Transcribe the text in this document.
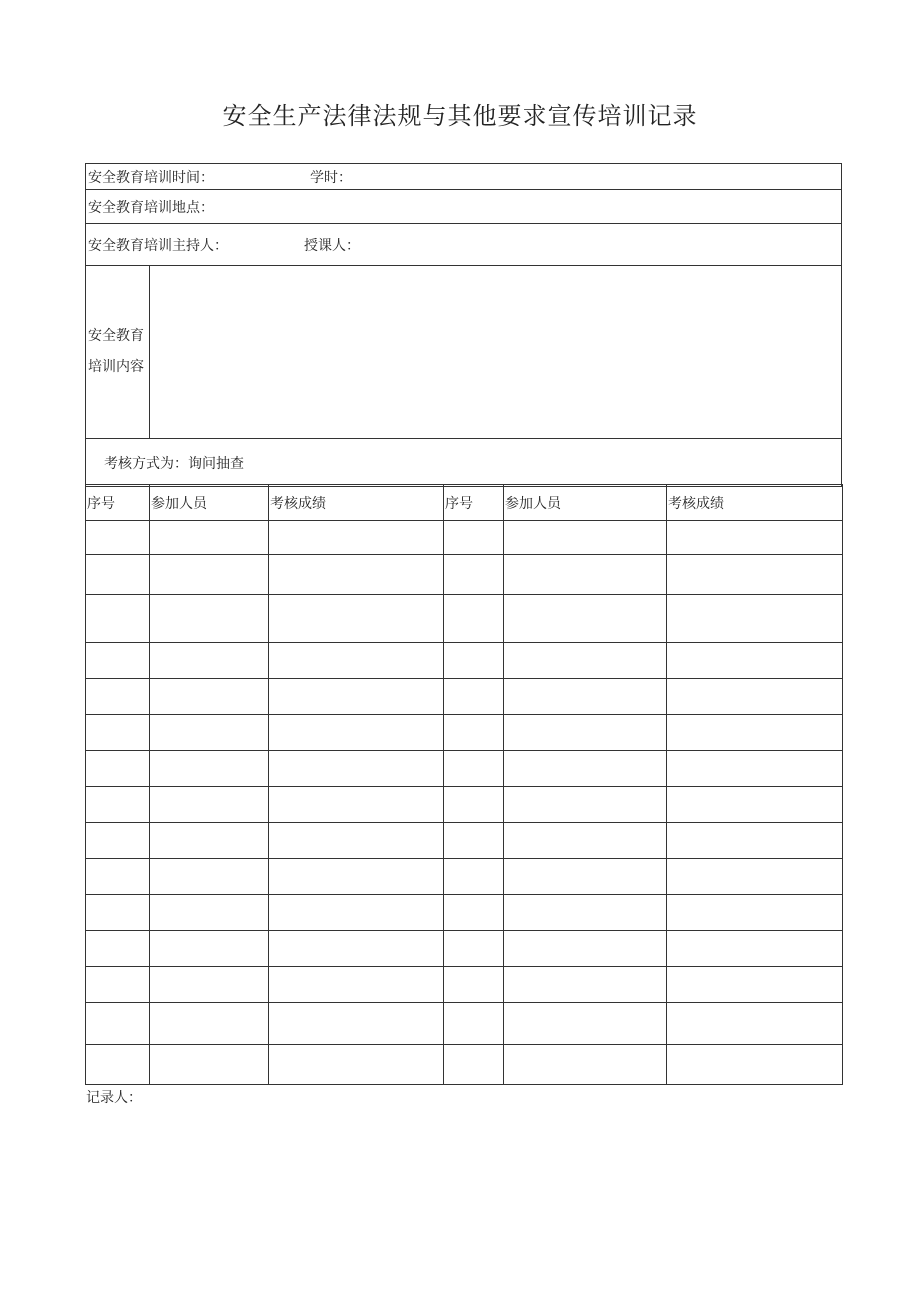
安全生产法律法规与其他要求宣传培训记录
安全教育培训时间：	学时：
安全教育培训地点：
安全教育培训主持人：	授课人：
安全教育
培训内容
考核方式为：询问抽查
序号	参加人员	考核成绩	序号	参加人员	考核成绩

记录人：
